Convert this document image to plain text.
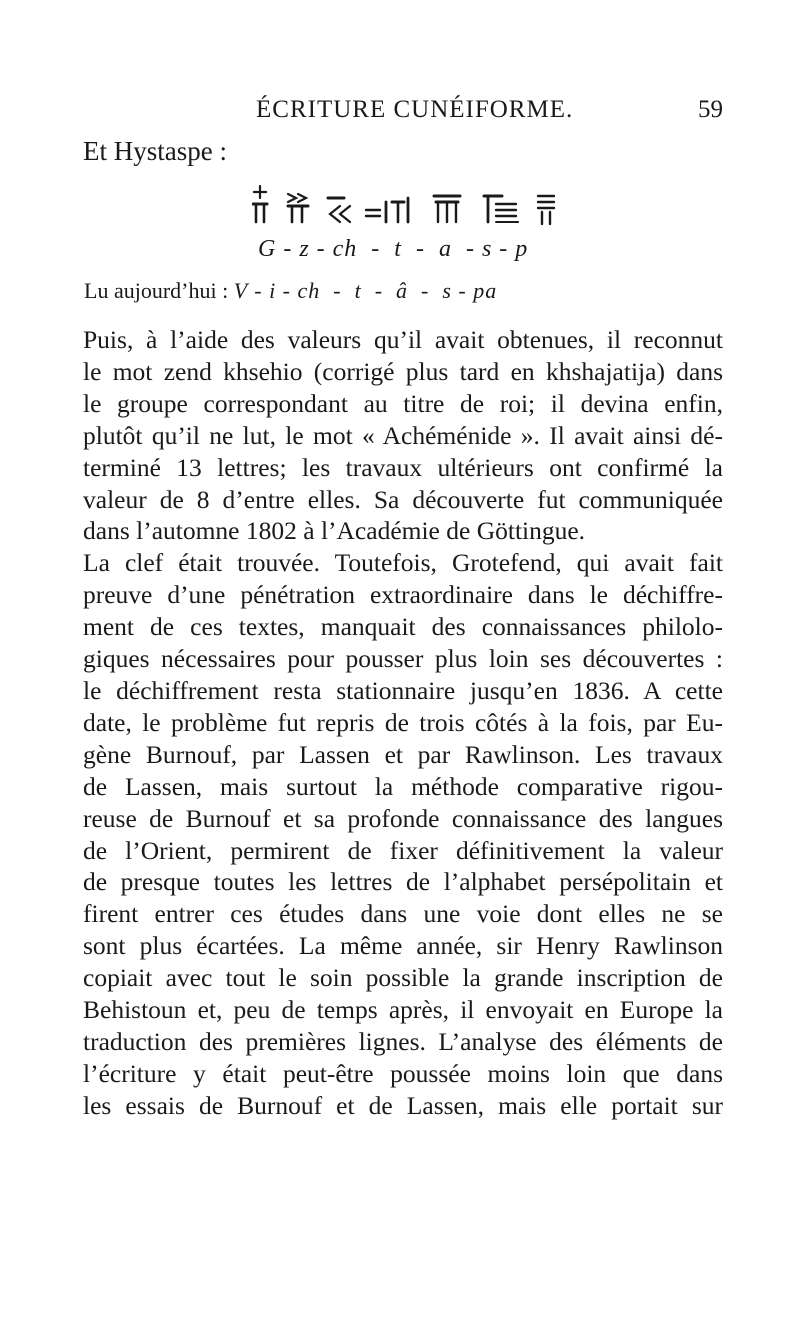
ÉCRITURE CUNÉIFORME.	59
Et Hystaspe :
G - z - ch  -  t  -  a  - s - p
Lu aujourd’hui : V - i - ch  -  t  -  â  -  s - pa
Puis, à l’aide des valeurs qu’il avait obtenues, il reconnut
le mot zend khsehio (corrigé plus tard en khshajatija) dans
le groupe correspondant au titre de roi; il devina enfin,
plutôt qu’il ne lut, le mot « Achéménide ». Il avait ainsi dé-
terminé 13 lettres; les travaux ultérieurs ont confirmé la
valeur de 8 d’entre elles. Sa découverte fut communiquée
dans l’automne 1802 à l’Académie de Göttingue.
La clef était trouvée. Toutefois, Grotefend, qui avait fait
preuve d’une pénétration extraordinaire dans le déchiffre-
ment de ces textes, manquait des connaissances philolo-
giques nécessaires pour pousser plus loin ses découvertes :
le déchiffrement resta stationnaire jusqu’en 1836. A cette
date, le problème fut repris de trois côtés à la fois, par Eu-
gène Burnouf, par Lassen et par Rawlinson. Les travaux
de Lassen, mais surtout la méthode comparative rigou-
reuse de Burnouf et sa profonde connaissance des langues
de l’Orient, permirent de fixer définitivement la valeur
de presque toutes les lettres de l’alphabet persépolitain et
firent entrer ces études dans une voie dont elles ne se
sont plus écartées. La même année, sir Henry Rawlinson
copiait avec tout le soin possible la grande inscription de
Behistoun et, peu de temps après, il envoyait en Europe la
traduction des premières lignes. L’analyse des éléments de
l’écriture y était peut-être poussée moins loin que dans
les essais de Burnouf et de Lassen, mais elle portait sur
